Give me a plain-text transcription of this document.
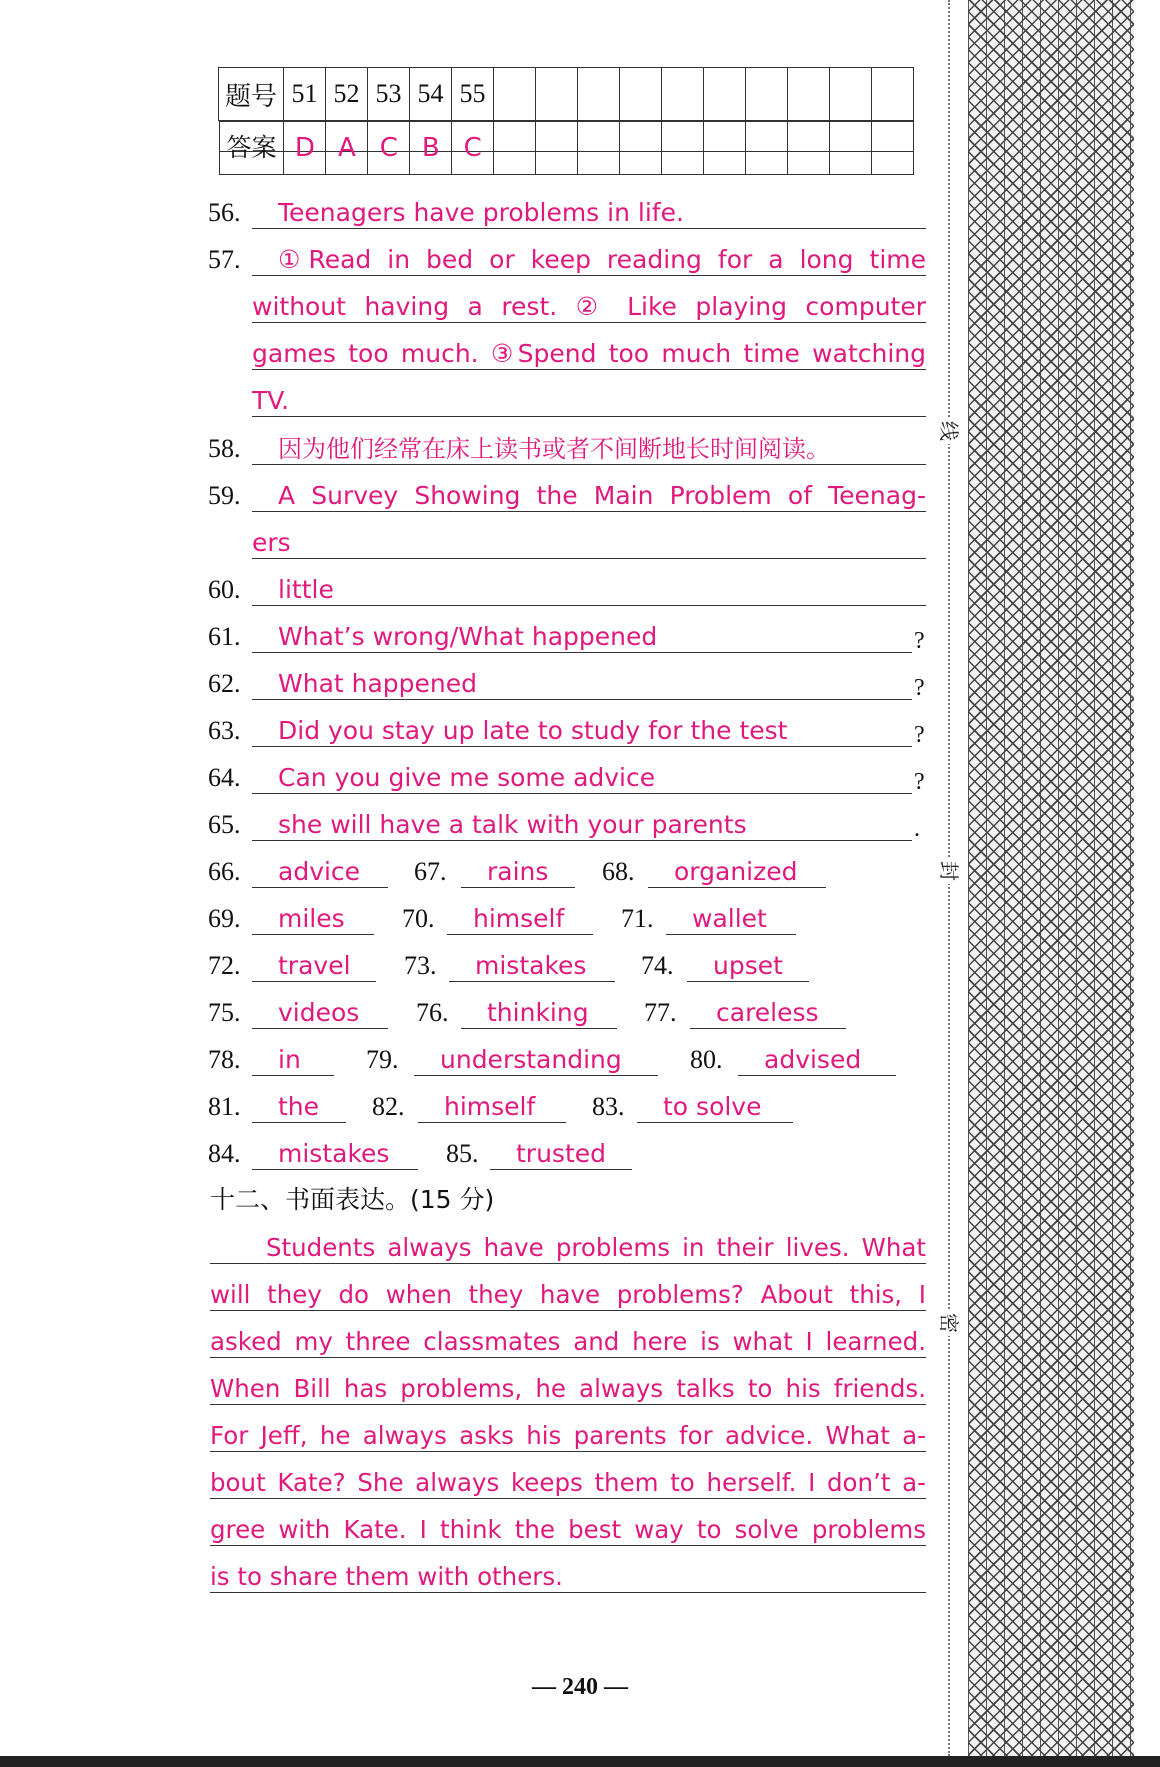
题号	51	52	53	54	55										

答案	D	A	C	B	C										
56.	Teenagers have problems in life.
57.	①Read in bed or keep reading for a long time
without having a rest. ② Like playing computer
games too much. ③Spend too much time watching
TV.
58.	因为他们经常在床上读书或者不间断地长时间阅读。
59.	A Survey Showing the Main Problem of Teenag-
ers
60.	little
61.	What’s wrong/What happened	?
62.	What happened	?
63.	Did you stay up late to study for the test	?
64.	Can you give me some advice	?
65.	she will have a talk with your parents	.
66.	advice	67.	rains	68.	organized
69.	miles	70.	himself	71.	wallet
72.	travel	73.	mistakes	74.	upset
75.	videos	76.	thinking	77.	careless
78.	in	79.	understanding	80.	advised
81.	the	82.	himself	83.	to solve
84.	mistakes	85.	trusted
十二、书面表达。(15 分)
Students always have problems in their lives. What
will they do when they have problems? About this, I
asked my three classmates and here is what I learned.
When Bill has problems, he always talks to his friends.
For Jeff, he always asks his parents for advice. What a-
bout Kate? She always keeps them to herself. I don’t a-
gree with Kate. I think the best way to solve problems
is to share them with others.
— 240 —
线
封
密
